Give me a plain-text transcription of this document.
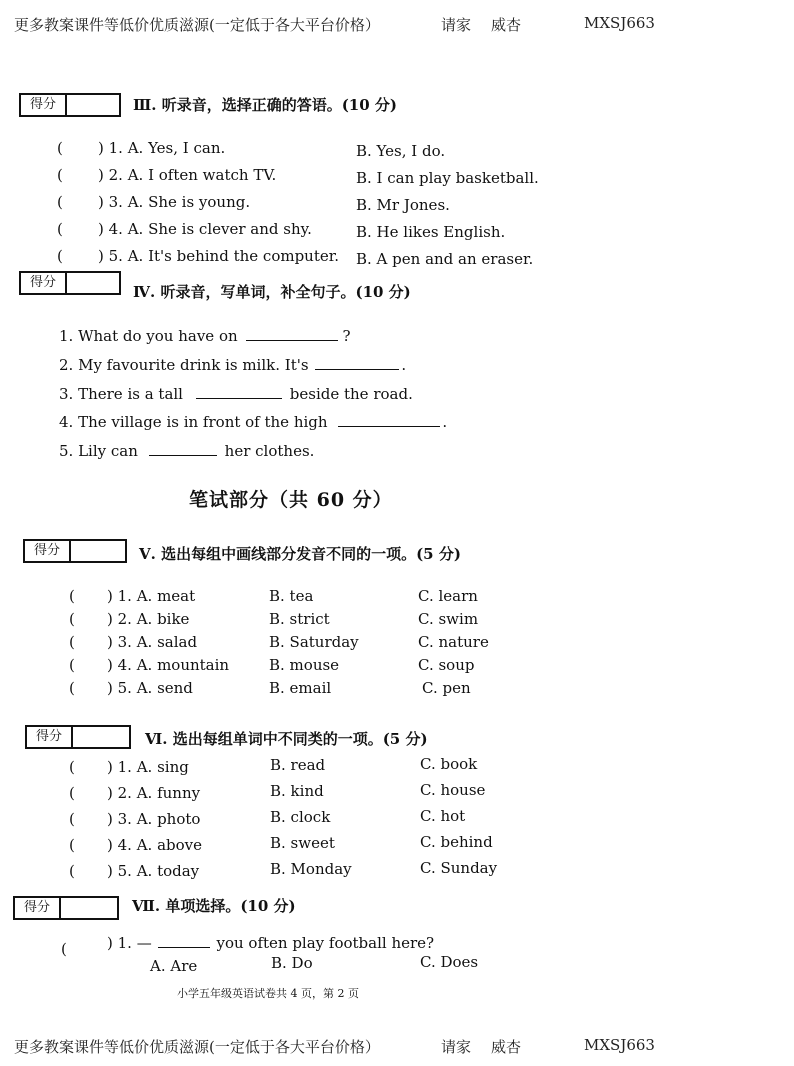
更多教案课件等低价优质滋源(一定低于各大平台价格）	请家 威杏	MXSJ663
得分	Ⅲ. 听录音，选择正确的答语。(10 分)
( ) 1. A. Yes, I can.	B. Yes, I do.
( ) 2. A. I often watch TV.	B. I can play basketball.
( ) 3. A. She is young.	B. Mr Jones.
( ) 4. A. She is clever and shy.	B. He likes English.
( ) 5. A. It's behind the computer. B. A pen and an eraser.
得分
Ⅳ. 听录音，写单词，补全句子。(10 分)
1. What do you have on	?
2. My favourite drink is milk. It's	.
3. There is a tall	beside the road.
4. The village is in front of the high	.
5. Lily can	her clothes.
笔试部分（共 60 分）
得分	Ⅴ. 选出每组中画线部分发音不同的一项。(5 分)
( ) 1. A. meat	B. tea	C. learn
( ) 2. A. bike	B. strict	C. swim
( ) 3. A. salad	B. Saturday	C. nature
( ) 4. A. mountain	B. mouse	C. soup
( ) 5. A. send	B. email	C. pen
得分	Ⅵ. 选出每组单词中不同类的一项。(5 分)
( ) 1. A. sing	B. read	C. book
( ) 2. A. funny	B. kind	C. house
( ) 3. A. photo	B. clock	C. hot
( ) 4. A. above	B. sweet	C. behind
( ) 5. A. today	B. Monday	C. Sunday
得分	Ⅶ. 单项选择。(10 分)
(	) 1. —	you often play football here?
A. Are	B. Do	C. Does
小学五年级英语试卷共 4 页，第 2 页
更多教案课件等低价优质滋源(一定低于各大平台价格）	请家 威杏	MXSJ663
